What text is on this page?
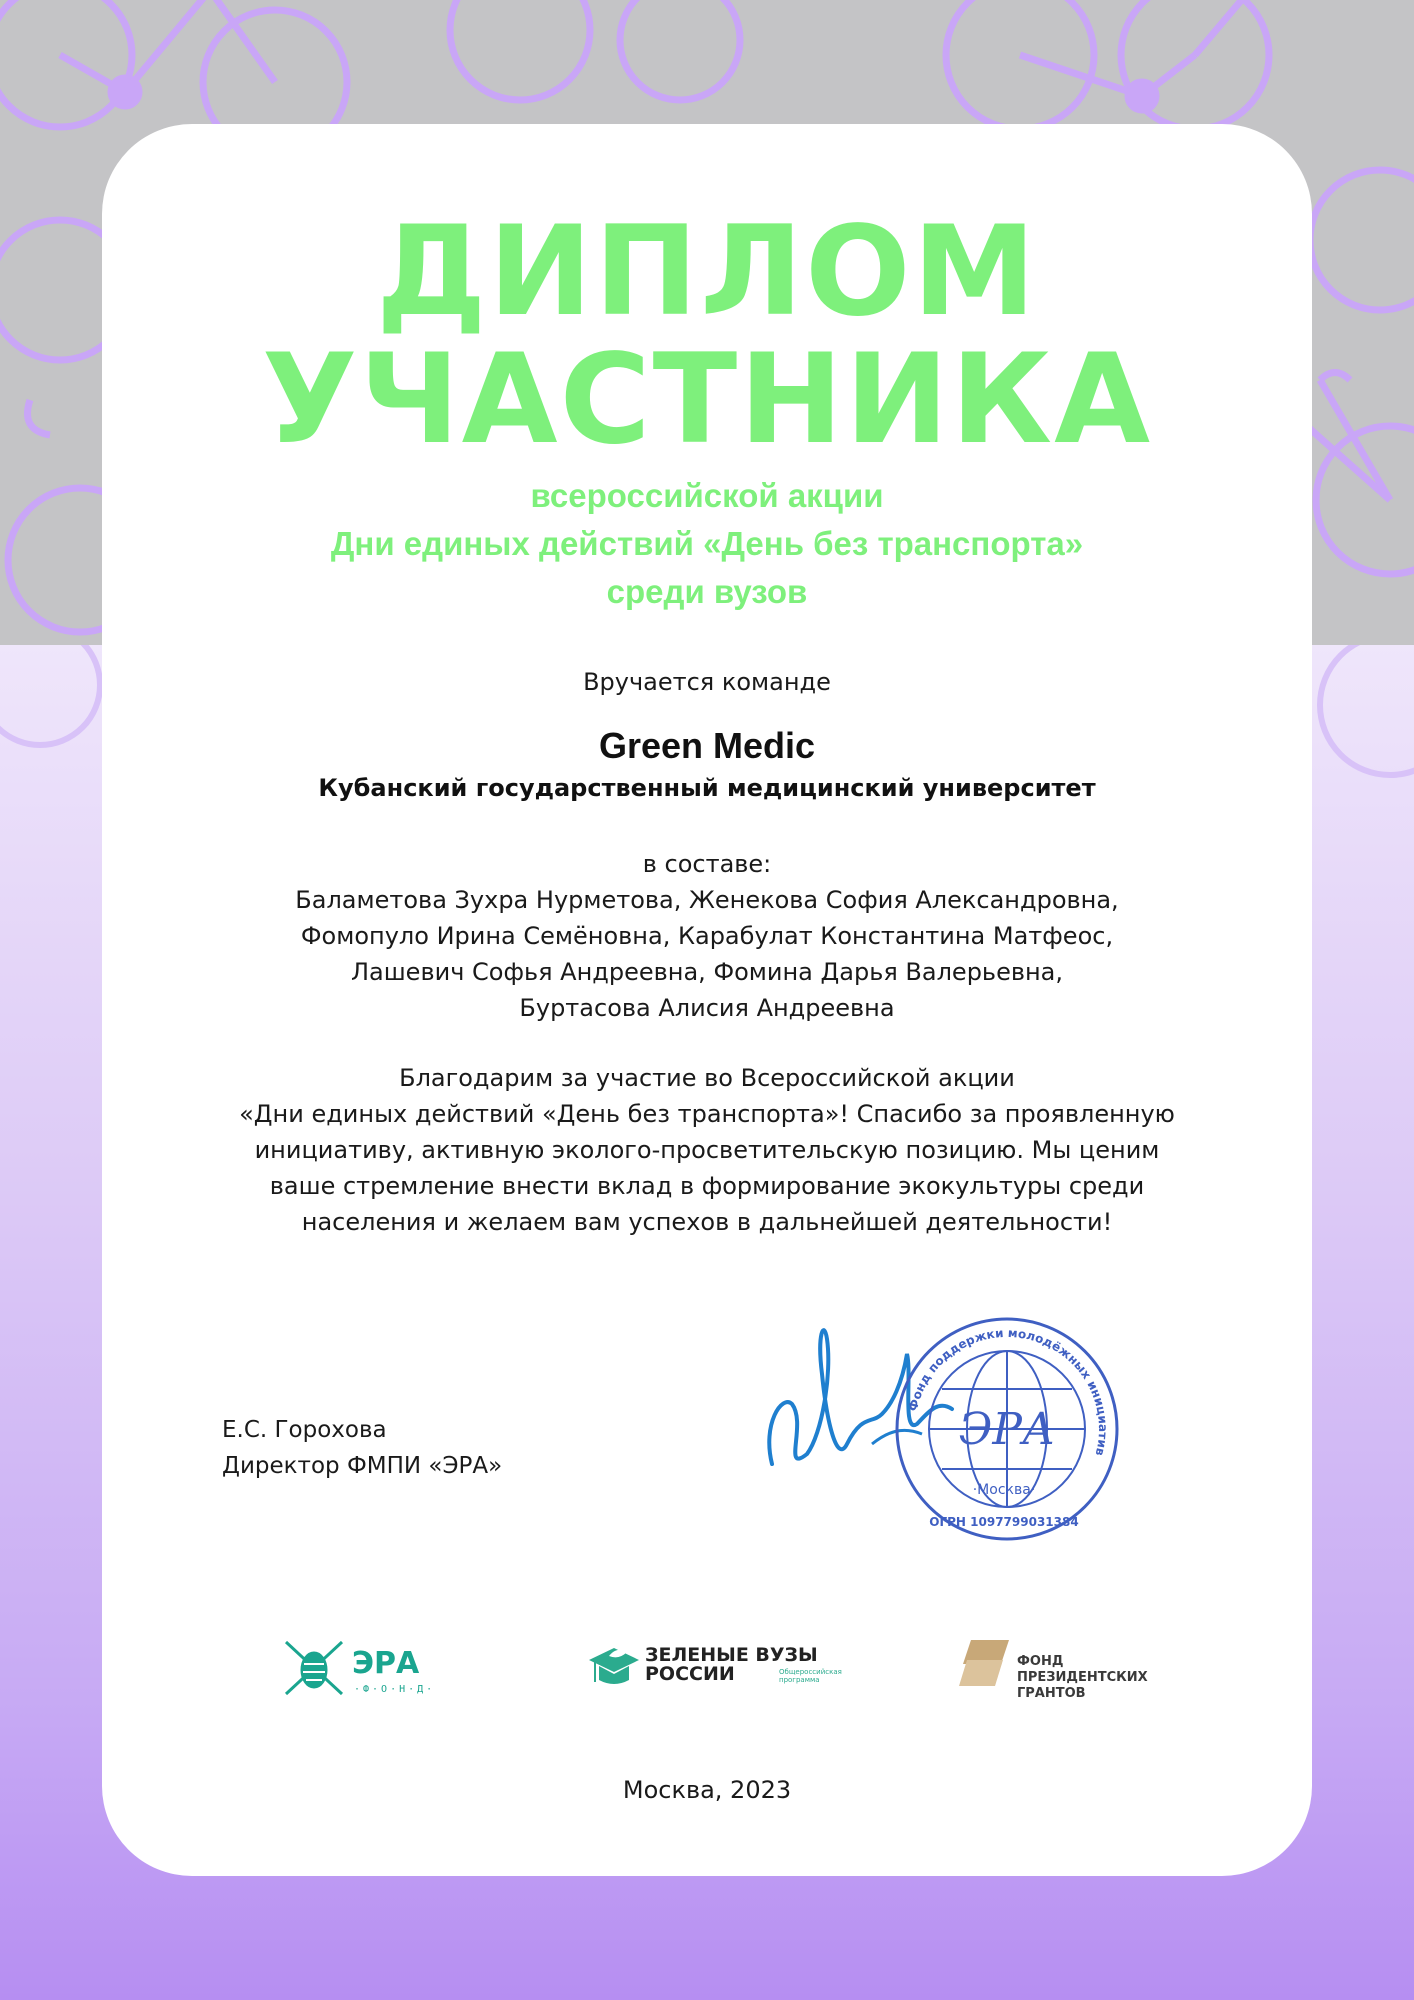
ДИПЛОМ
УЧАСТНИКА
всероссийской акции
Дни единых действий «День без транспорта»
среди вузов
Вручается команде
Green Medic
Кубанский государственный медицинский университет
в составе:
Баламетова Зухра Нурметова, Женекова София Александровна,
Фомопуло Ирина Семёновна, Карабулат Константина Матфеос,
Лашевич Софья Андреевна, Фомина Дарья Валерьевна,
Буртасова Алисия Андреевна
Благодарим за участие во Всероссийской акции
«Дни единых действий «День без транспорта»! Спасибо за проявленную
инициативу, активную эколого-просветительскую позицию. Мы ценим
ваше стремление внести вклад в формирование экокультуры среди
населения и желаем вам успехов в дальнейшей деятельности!
Е.С. Горохова
Директор ФМПИ «ЭРА»
Фонд поддержки молодёжных инициатив
ЭРА
·Москва·
ОГРН 1097799031384
ЭРА
·Ф·О·Н·Д·
ЗЕЛЕНЫЕ ВУЗЫ
РОССИИ	Общероссийская программа
ФОНД
ПРЕЗИДЕНТСКИХ
ГРАНТОВ
Москва, 2023
